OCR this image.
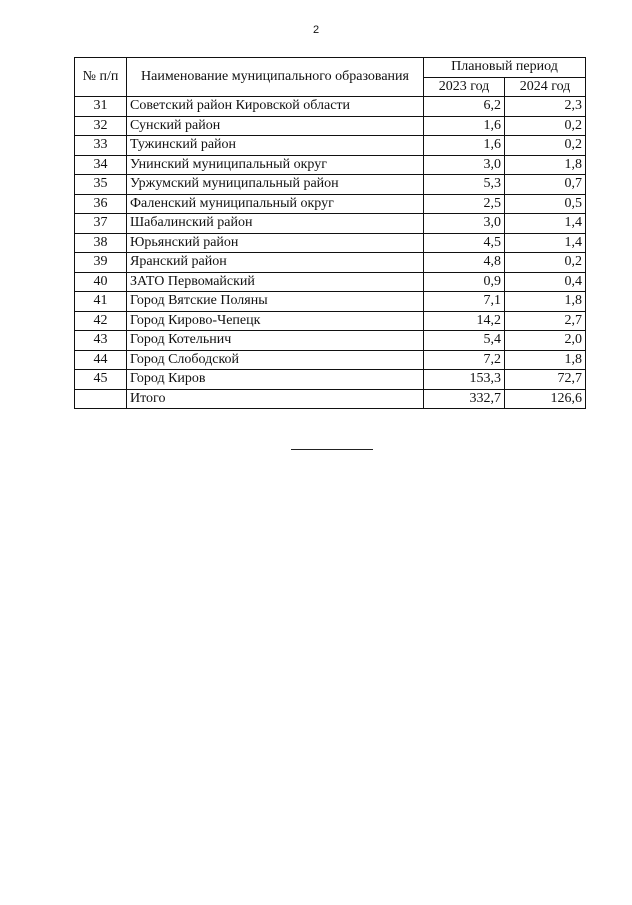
2
№ п/п	Наименование муниципального образования	Плановый период	
		2023 год	2024 год
31	Советский район Кировской области	6,2	2,3
32	Сунский район	1,6	0,2
33	Тужинский район	1,6	0,2
34	Унинский муниципальный округ	3,0	1,8
35	Уржумский муниципальный район	5,3	0,7
36	Фаленский муниципальный округ	2,5	0,5
37	Шабалинский район	3,0	1,4
38	Юрьянский район	4,5	1,4
39	Яранский район	4,8	0,2
40	ЗАТО Первомайский	0,9	0,4
41	Город Вятские Поляны	7,1	1,8
42	Город Кирово-Чепецк	14,2	2,7
43	Город Котельнич	5,4	2,0
44	Город Слободской	7,2	1,8
45	Город Киров	153,3	72,7
	Итого	332,7	126,6
